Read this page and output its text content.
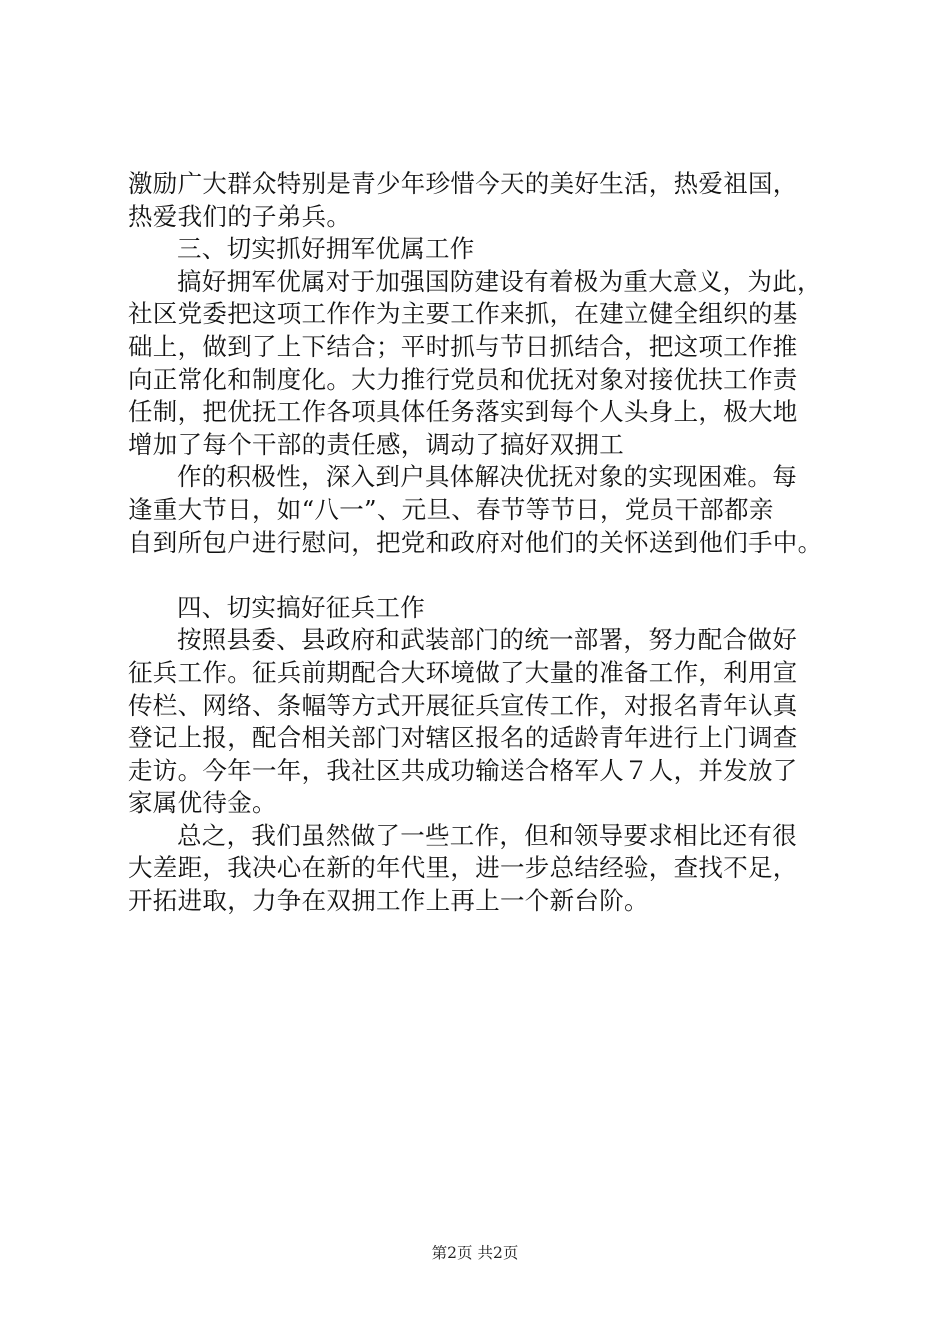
激励广大群众特别是青少年珍惜今天的美好生活，热爱祖国，
热爱我们的子弟兵。
三、切实抓好拥军优属工作
搞好拥军优属对于加强国防建设有着极为重大意义，为此，
社区党委把这项工作作为主要工作来抓，在建立健全组织的基
础上，做到了上下结合；平时抓与节日抓结合，把这项工作推
向正常化和制度化。大力推行党员和优抚对象对接优扶工作责
任制，把优抚工作各项具体任务落实到每个人头身上，极大地
增加了每个干部的责任感，调动了搞好双拥工
作的积极性，深入到户具体解决优抚对象的实现困难。每
逢重大节日，如“八一”、元旦、春节等节日，党员干部都亲
自到所包户进行慰问，把党和政府对他们的关怀送到他们手中。
四、切实搞好征兵工作
按照县委、县政府和武装部门的统一部署，努力配合做好
征兵工作。征兵前期配合大环境做了大量的准备工作，利用宣
传栏、网络、条幅等方式开展征兵宣传工作，对报名青年认真
登记上报，配合相关部门对辖区报名的适龄青年进行上门调查
走访。今年一年，我社区共成功输送合格军人７人，并发放了
家属优待金。
总之，我们虽然做了一些工作，但和领导要求相比还有很
大差距，我决心在新的年代里，进一步总结经验，查找不足，
开拓进取，力争在双拥工作上再上一个新台阶。
第2页 共2页
